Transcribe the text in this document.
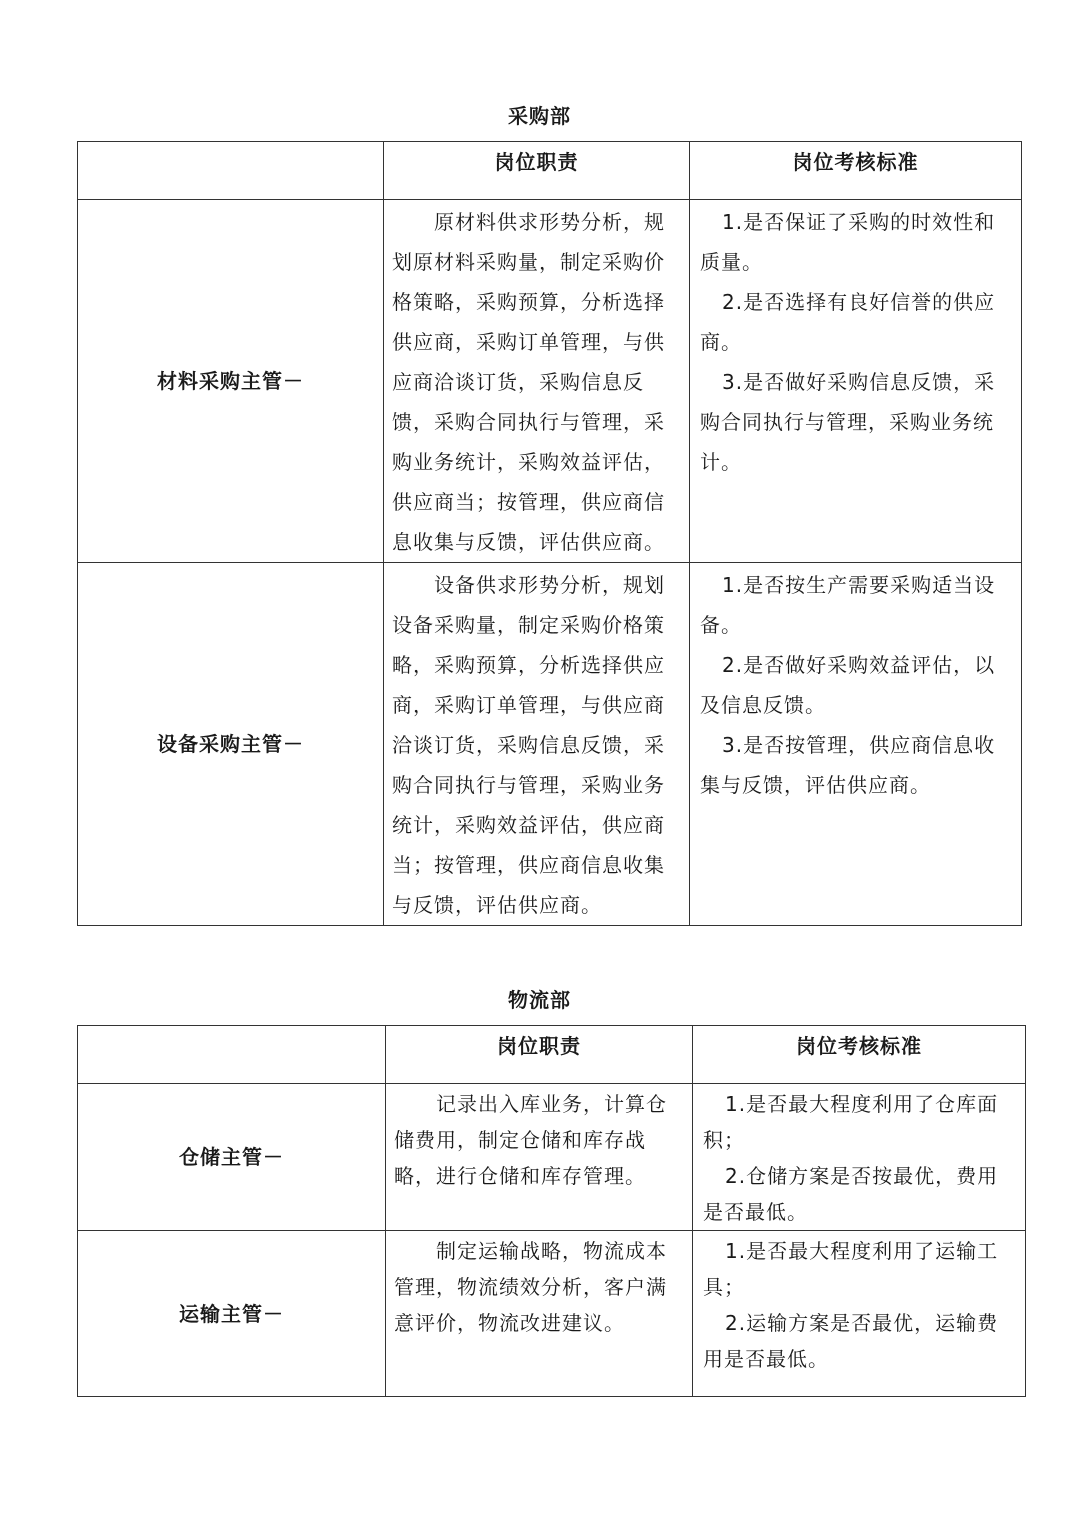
采购部
	岗位职责	岗位考核标准
材料采购主管－	原材料供求形势分析，规划原材料采购量，制定采购价格策略，采购预算，分析选择供应商，采购订单管理，与供应商洽谈订货，采购信息反馈，采购合同执行与管理，采购业务统计，采购效益评估，供应商当；按管理，供应商信息收集与反馈，评估供应商。	1.是否保证了采购的时效性和质量。

2.是否选择有良好信誉的供应商。

3.是否做好采购信息反馈，采购合同执行与管理，采购业务统计。

设备采购主管－	设备供求形势分析，规划设备采购量，制定采购价格策略，采购预算，分析选择供应商，采购订单管理，与供应商洽谈订货，采购信息反馈，采购合同执行与管理，采购业务统计，采购效益评估，供应商当；按管理，供应商信息收集与反馈，评估供应商。	1.是否按生产需要采购适当设备。

2.是否做好采购效益评估，以及信息反馈。

3.是否按管理，供应商信息收集与反馈，评估供应商。

物流部
	岗位职责	岗位考核标准
仓储主管－	记录出入库业务，计算仓储费用，制定仓储和库存战略，进行仓储和库存管理。	1.是否最大程度利用了仓库面积；

2.仓储方案是否按最优，费用是否最低。

运输主管－	制定运输战略，物流成本管理，物流绩效分析，客户满意评价，物流改进建议。	1.是否最大程度利用了运输工具；

2.运输方案是否最优，运输费用是否最低。
